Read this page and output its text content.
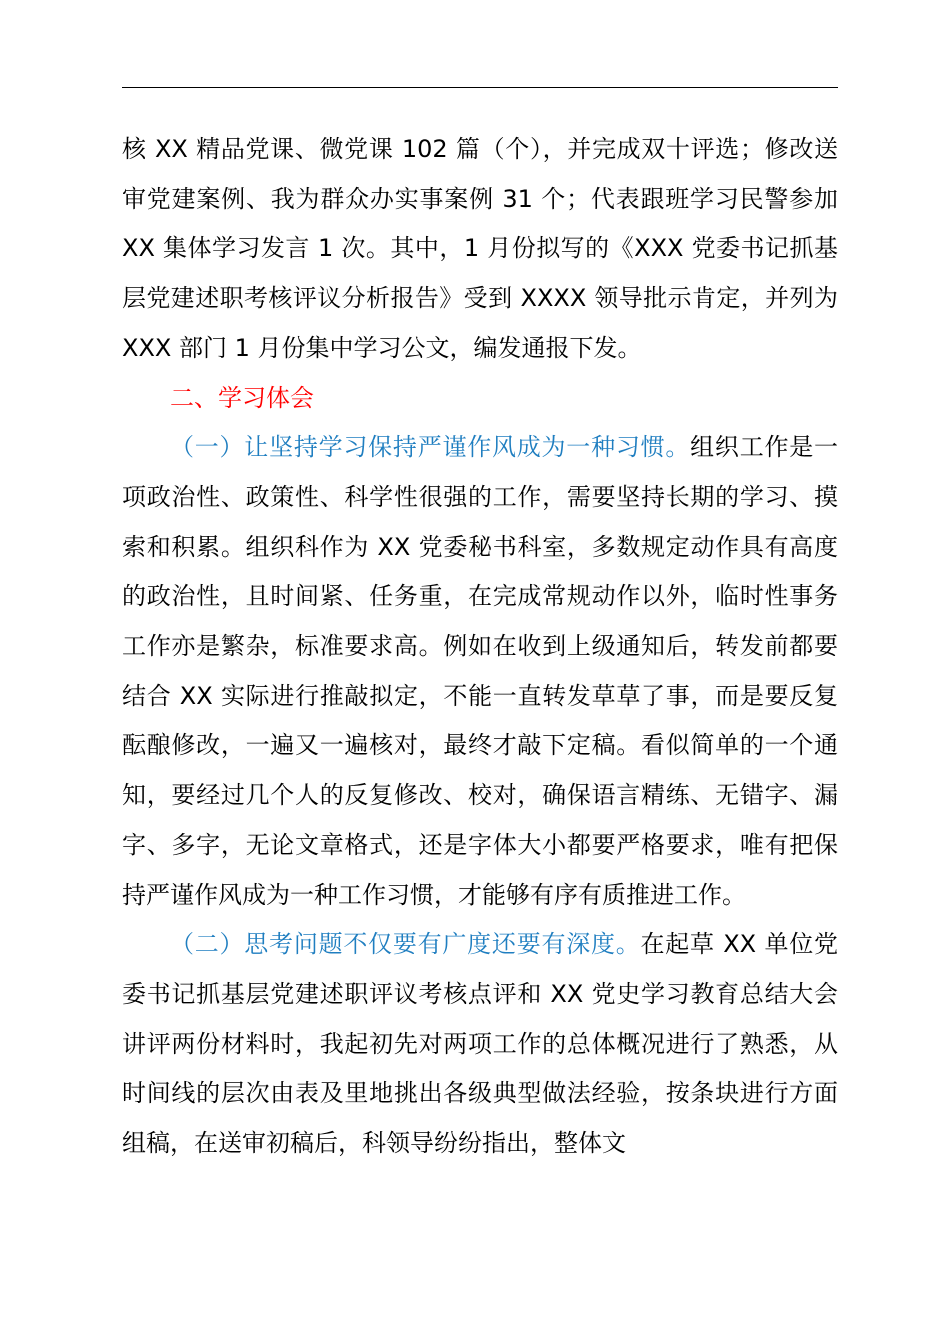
核 XX 精品党课、微党课 102 篇（个），并完成双十评选；修改送审党建案例、我为群众办实事案例 31 个；代表跟班学习民警参加 XX 集体学习发言 1 次。其中，1 月份拟写的《XXX 党委书记抓基层党建述职考核评议分析报告》受到 XXXX 领导批示肯定，并列为 XXX 部门 1 月份集中学习公文，编发通报下发。

二、学习体会

（一）让坚持学习保持严谨作风成为一种习惯。组织工作是一项政治性、政策性、科学性很强的工作，需要坚持长期的学习、摸索和积累。组织科作为 XX 党委秘书科室，多数规定动作具有高度的政治性，且时间紧、任务重，在完成常规动作以外，临时性事务工作亦是繁杂，标准要求高。例如在收到上级通知后，转发前都要结合 XX 实际进行推敲拟定，不能一直转发草草了事，而是要反复酝酿修改，一遍又一遍核对，最终才敲下定稿。看似简单的一个通知，要经过几个人的反复修改、校对，确保语言精练、无错字、漏字、多字，无论文章格式，还是字体大小都要严格要求，唯有把保持严谨作风成为一种工作习惯，才能够有序有质推进工作。

（二）思考问题不仅要有广度还要有深度。在起草 XX 单位党委书记抓基层党建述职评议考核点评和 XX 党史学习教育总结大会讲评两份材料时，我起初先对两项工作的总体概况进行了熟悉，从时间线的层次由表及里地挑出各级典型做法经验，按条块进行方面组稿，在送审初稿后，科领导纷纷指出，整体文
